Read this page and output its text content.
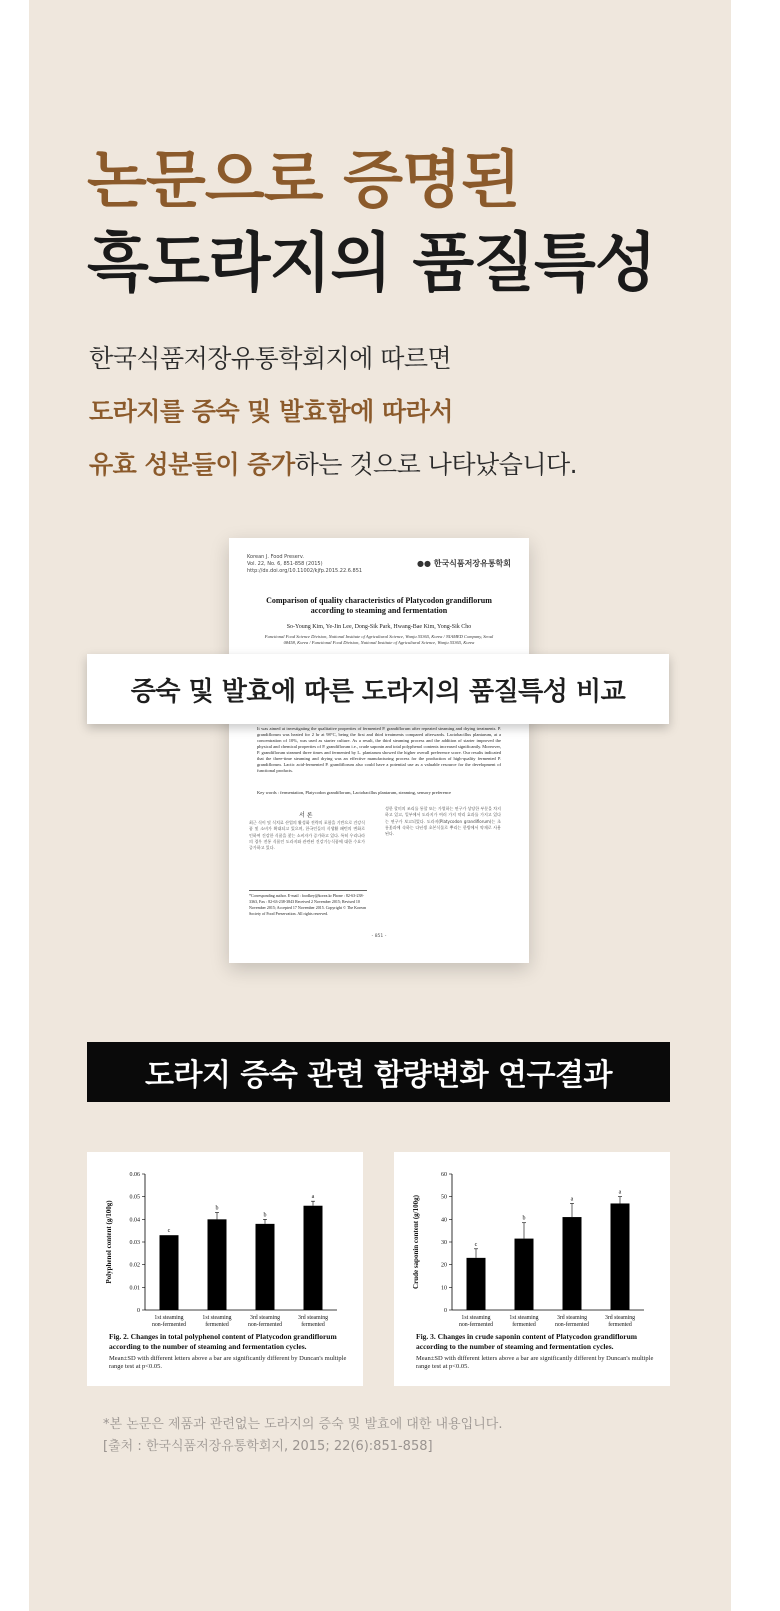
논문으로 증명된
흑도라지의 품질특성
한국식품저장유통학회지에 따르면
도라지를 증숙 및 발효함에 따라서
유효 성분들이 증가하는 것으로 나타났습니다.
Korean J. Food Preserv.
Vol. 22, No. 6, 851-858 (2015)
http://dx.doi.org/10.11002/kjfp.2015.22.6.851
●● 한국식품저장유통학회
Comparison of quality characteristics of Platycodon grandiflorum according to steaming and fermentation
So-Young Kim, Ye-Jin Lee, Dong-Sik Park, Hwang-Bae Kim, Yong-Sik Cho
Functional Food Science Division, National Institute of Agricultural Science, Wanju 55365, Korea / NIAMED Company, Seoul 08458, Korea / Functional Food Division, National Institute of Agricultural Science, Wanju 55365, Korea
It was aimed at investigating the qualitative properties of fermented P. grandiflorum after repeated steaming and drying treatments. P. grandiflorum was heated for 2 hr at 98°C, being the first and third treatments compared afterwards. Lactobacillus plantarum, at a concentration of 10%, was used as starter culture. As a result, the third steaming process and the addition of starter improved the physical and chemical properties of P. grandiflorum i.e., crude saponin and total polyphenol contents increased significantly. Moreover, P. grandiflorum steamed three times and fermented by L. plantarum showed the higher overall preference score. Our results indicated that the three-time steaming and drying was an effective manufacturing process for the production of high-quality fermented P. grandiflorum. Lactic acid-fermented P. grandiflorum also could have a potential use as a valuable resource for the development of functional products.
Key words : fermentation, Platycodon grandiflorum, Lactobacillus plantarum, steaming, sensory preference
서 론
최근 식이 및 식치료 산업의 활성화 전략의 포함을 기반으로 건강식품 및 소비가 확대되고 있으며, 한국인들의 식생활 패턴의 변화로 인하여 건강한 식품을 찾는 소비자가 증가하고 있다. 특히 우리나라의 경우 전통 식품인 도라지와 관련된 건강기능식품에 대한 수요가 증가하고 있다.
성한 할미의 조리를 통할 또는 가열하는 연구가 상당한 부분을 차지하고 있고, 일부에서 도라지가 여러 가지 약리 효과를 가지고 있다는 연구가 보고되었다. 도라지(Platycodon grandiflorum)는 초롱꽃과에 속하는 다년생 초본식물로 뿌리는 한방에서 약재로 사용된다.
*Corresponding author. E-mail : foodkey@korea.kr Phone : 82-63-238-3363, Fax : 82-63-238-3843 Received 2 November 2015; Revised 10 November 2015; Accepted 17 November 2015. Copyright © The Korean Society of Food Preservation. All rights reserved.
- 851 -
증숙 및 발효에 따른 도라지의 품질특성 비교
도라지 증숙 관련 함량변화 연구결과
0
0.01
0.02
0.03
0.04
0.05
0.06
Polyphenol content (g/100g)	c
1st steaming
non-fermented
b
1st steaming
fermented
b
3rd steaming
non-fermented
a
3rd steaming
fermented
Fig. 2. Changes in total polyphenol content of Platycodon grandiflorum according to the number of steaming and fermentation cycles.
Mean±SD with different letters above a bar are significantly different by Duncan's multiple range test at p<0.05.
0
10
20
30
40
50
60
Crude saponin content (g/100g)	c
1st steaming
non-fermented
b
1st steaming
fermented
a
3rd steaming
non-fermented
a
3rd steaming
fermented
Fig. 3. Changes in crude saponin content of Platycodon grandiflorum according to the number of steaming and fermentation cycles.
Mean±SD with different letters above a bar are significantly different by Duncan's multiple range test at p<0.05.
*본 논문은 제품과 관련없는 도라지의 증숙 및 발효에 대한 내용입니다.
[출처 : 한국식품저장유통학회지, 2015; 22(6):851-858]
